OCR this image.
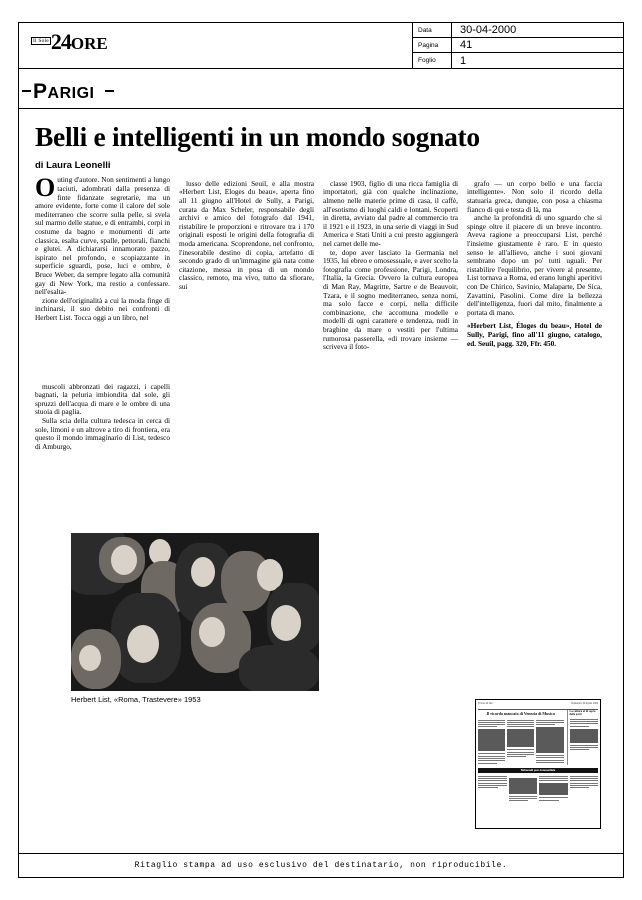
Il Sole24ORE
Data	30-04-2000
Pagina	41
Foglio	1
PARIGI
Belli e intelligenti in un mondo sognato
di Laura Leonelli

Outing d'autore. Non sentimenti a lungo taciuti, adombrati dalla presenza di finte fidanzate segretarie, ma un amore evidente, forte come il calore del sole mediterraneo che scorre sulla pelle, si svela sul marmo delle statue, e di entrambi, corpi in costume da bagno e monumenti di arte classica, esalta curve, spalle, pettorali, fianchi e glutei. A dichiararsi innamorato pazzo, ispirato nel profondo, e scopiazzante in superficie sguardi, pose, luci e ombre, è Bruce Weber, da sempre legato alla comunità gay di New York, ma restio a confessare. nell'esalta-

zione dell'originalità a cui la moda finge di inchinarsi, il suo debito nei confronti di Herbert List. Tocca oggi a un libro, nel

muscoli abbronzati dei ragazzi, i capelli bagnati, la peluria imbiondita dal sole, gli spruzzi dell'acqua di mare e le ombre di una stuoia di paglia.

Sulla scia della cultura tedesca in cerca di sole, limoni e un altrove a tiro di frontiera, era questo il mondo immaginario di List, tedesco di Amburgo,

lusso delle edizioni Seuil, e alla mostra «Herbert List, Eloges du beau», aperta fino all 11 giugno all'Hotel de Sully, a Parigi, curata da Max Scheler, responsabile degli archivi e amico del fotografo dal 1941, ristabilire le proporzioni e ritrovare tra i 170 originali esposti le origini della fotografia di moda americana. Scoprendone, nel confronto, l'inesorabile destino di copia, artefatto di secondo grado di un'immagine già nata come citazione, messa in posa di un mondo classico, remoto, ma vivo, tutto da sfiorare, sui

classe 1903, figlio di una ricca famiglia di importatori, già con qualche inclinazione, almeno nelle materie prime di casa, il caffè, all'esotismo di luoghi caldi e lontani. Scoperti in diretta, avviato dal padre al commercio tra il 1921 e il 1923, in una serie di viaggi in Sud America e Stati Uniti a cui presto aggiungerà nel carnet delle me-

te, dopo aver lasciato la Germania nel 1935, lui ebreo e omosessuale, e aver scelto la fotografia come professione, Parigi, Londra, l'Italia, la Grecia. Ovvero la cultura europea di Man Ray, Magritte, Sartre e de Beauvoir, Tzara, e il sogno mediterraneo, senza nomi, ma solo facce e corpi, nella difficile combinazione, che accomuna modelle e modelli di ogni carattere e tendenza, nudi in braghine da mare o vestiti per l'ultima rumorosa passerella, «di trovare insieme — scriveva il foto-

grafo — un corpo bello e una faccia intelligente». Non solo il ricordo della statuaria greca, dunque, con posa a chiasma fianco di qui e testa di là, ma

anche la profondità di uno sguardo che si spinge oltre il piacere di un breve incontro. Aveva ragione a preoccuparsi List, perché l'insieme giustamente è raro. E in questo senso le all'allievo, anche i suoi giovani sembrano dopo un po' tutti uguali. Per ristabilire l'equilibrio, per vivere al presente, List tornava a Roma, ed erano lunghi aperitivi con De Chirico, Savinio, Malaparte, De Sica, Zavattini, Pasolini. Come dire la bellezza dell'intelligenza, fuori dal mito, finalmente a portata di mano.

«Herbert List, Éloges du beau», Hotel de Sully, Parigi, fino all'11 giugno, catalogo, ed. Seuil, pagg. 320, Ffr. 450.
Herbert List, «Roma, Trastevere» 1953	Il Sole 24 Ore	Domenica 30 Aprile 2000
Il ricordo mancato di Venezia di Musica	La cultura al di sopra delle parti
Belmondi post-fotomediale
Ritaglio stampa ad uso esclusivo del destinatario, non riproducibile.
